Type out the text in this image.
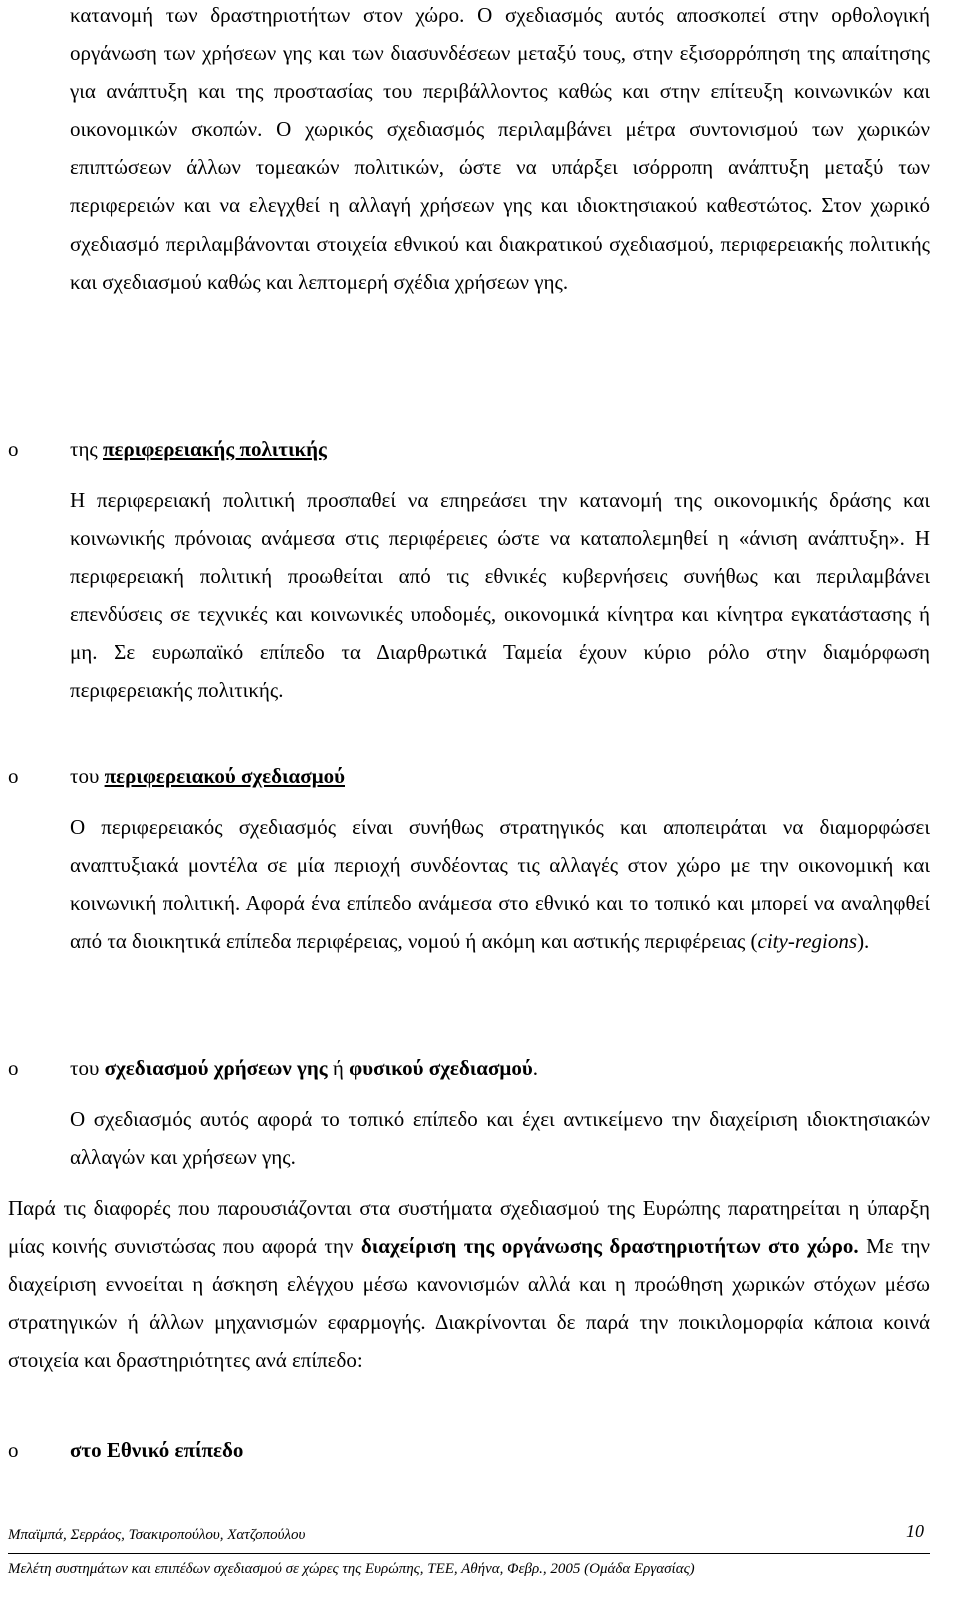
κατανομή των δραστηριοτήτων στον χώρο. Ο σχεδιασμός αυτός αποσκοπεί στην ορθολογική οργάνωση των χρήσεων γης και των διασυνδέσεων μεταξύ τους, στην εξισορρόπηση της απαίτησης για ανάπτυξη και της προστασίας του περιβάλλοντος καθώς και στην επίτευξη κοινωνικών και οικονομικών σκοπών. Ο χωρικός σχεδιασμός περιλαμβάνει μέτρα συντονισμού των χωρικών επιπτώσεων άλλων τομεακών πολιτικών, ώστε να υπάρξει ισόρροπη ανάπτυξη μεταξύ των περιφερειών και να ελεγχθεί η αλλαγή χρήσεων γης και ιδιοκτησιακού καθεστώτος. Στον χωρικό σχεδιασμό περιλαμβάνονται στοιχεία εθνικού και διακρατικού σχεδιασμού, περιφερειακής πολιτικής και σχεδιασμού καθώς και λεπτομερή σχέδια χρήσεων γης.

o της περιφερειακής πολιτικής

Η περιφερειακή πολιτική προσπαθεί να επηρεάσει την κατανομή της οικονομικής δράσης και κοινωνικής πρόνοιας ανάμεσα στις περιφέρειες ώστε να καταπολεμηθεί η «άνιση ανάπτυξη». Η περιφερειακή πολιτική προωθείται από τις εθνικές κυβερνήσεις συνήθως και περιλαμβάνει επενδύσεις σε τεχνικές και κοινωνικές υποδομές, οικονομικά κίνητρα και κίνητρα εγκατάστασης ή μη. Σε ευρωπαϊκό επίπεδο τα Διαρθρωτικά Ταμεία έχουν κύριο ρόλο στην διαμόρφωση περιφερειακής πολιτικής.

o του περιφερειακού σχεδιασμού

Ο περιφερειακός σχεδιασμός είναι συνήθως στρατηγικός και αποπειράται να διαμορφώσει αναπτυξιακά μοντέλα σε μία περιοχή συνδέοντας τις αλλαγές στον χώρο με την οικονομική και κοινωνική πολιτική. Αφορά ένα επίπεδο ανάμεσα στο εθνικό και το τοπικό και μπορεί να αναληφθεί από τα διοικητικά επίπεδα περιφέρειας, νομού ή ακόμη και αστικής περιφέρειας (city-regions).

o του σχεδιασμού χρήσεων γης ή φυσικού σχεδιασμού.

Ο σχεδιασμός αυτός αφορά το τοπικό επίπεδο και έχει αντικείμενο την διαχείριση ιδιοκτησιακών αλλαγών και χρήσεων γης.

Παρά τις διαφορές που παρουσιάζονται στα συστήματα σχεδιασμού της Ευρώπης παρατηρείται η ύπαρξη μίας κοινής συνιστώσας που αφορά την διαχείριση της οργάνωσης δραστηριοτήτων στο χώρο. Με την διαχείριση εννοείται η άσκηση ελέγχου μέσω κανονισμών αλλά και η προώθηση χωρικών στόχων μέσω στρατηγικών ή άλλων μηχανισμών εφαρμογής. Διακρίνονται δε παρά την ποικιλομορφία κάποια κοινά στοιχεία και δραστηριότητες ανά επίπεδο:

o στο Εθνικό επίπεδο
Μπαϊμπά, Σερράος, Τσακιροπούλου, Χατζοπούλου	10
Μελέτη συστημάτων και επιπέδων σχεδιασμού σε χώρες της Ευρώπης, ΤΕΕ, Αθήνα, Φεβρ., 2005 (Ομάδα Εργασίας)
